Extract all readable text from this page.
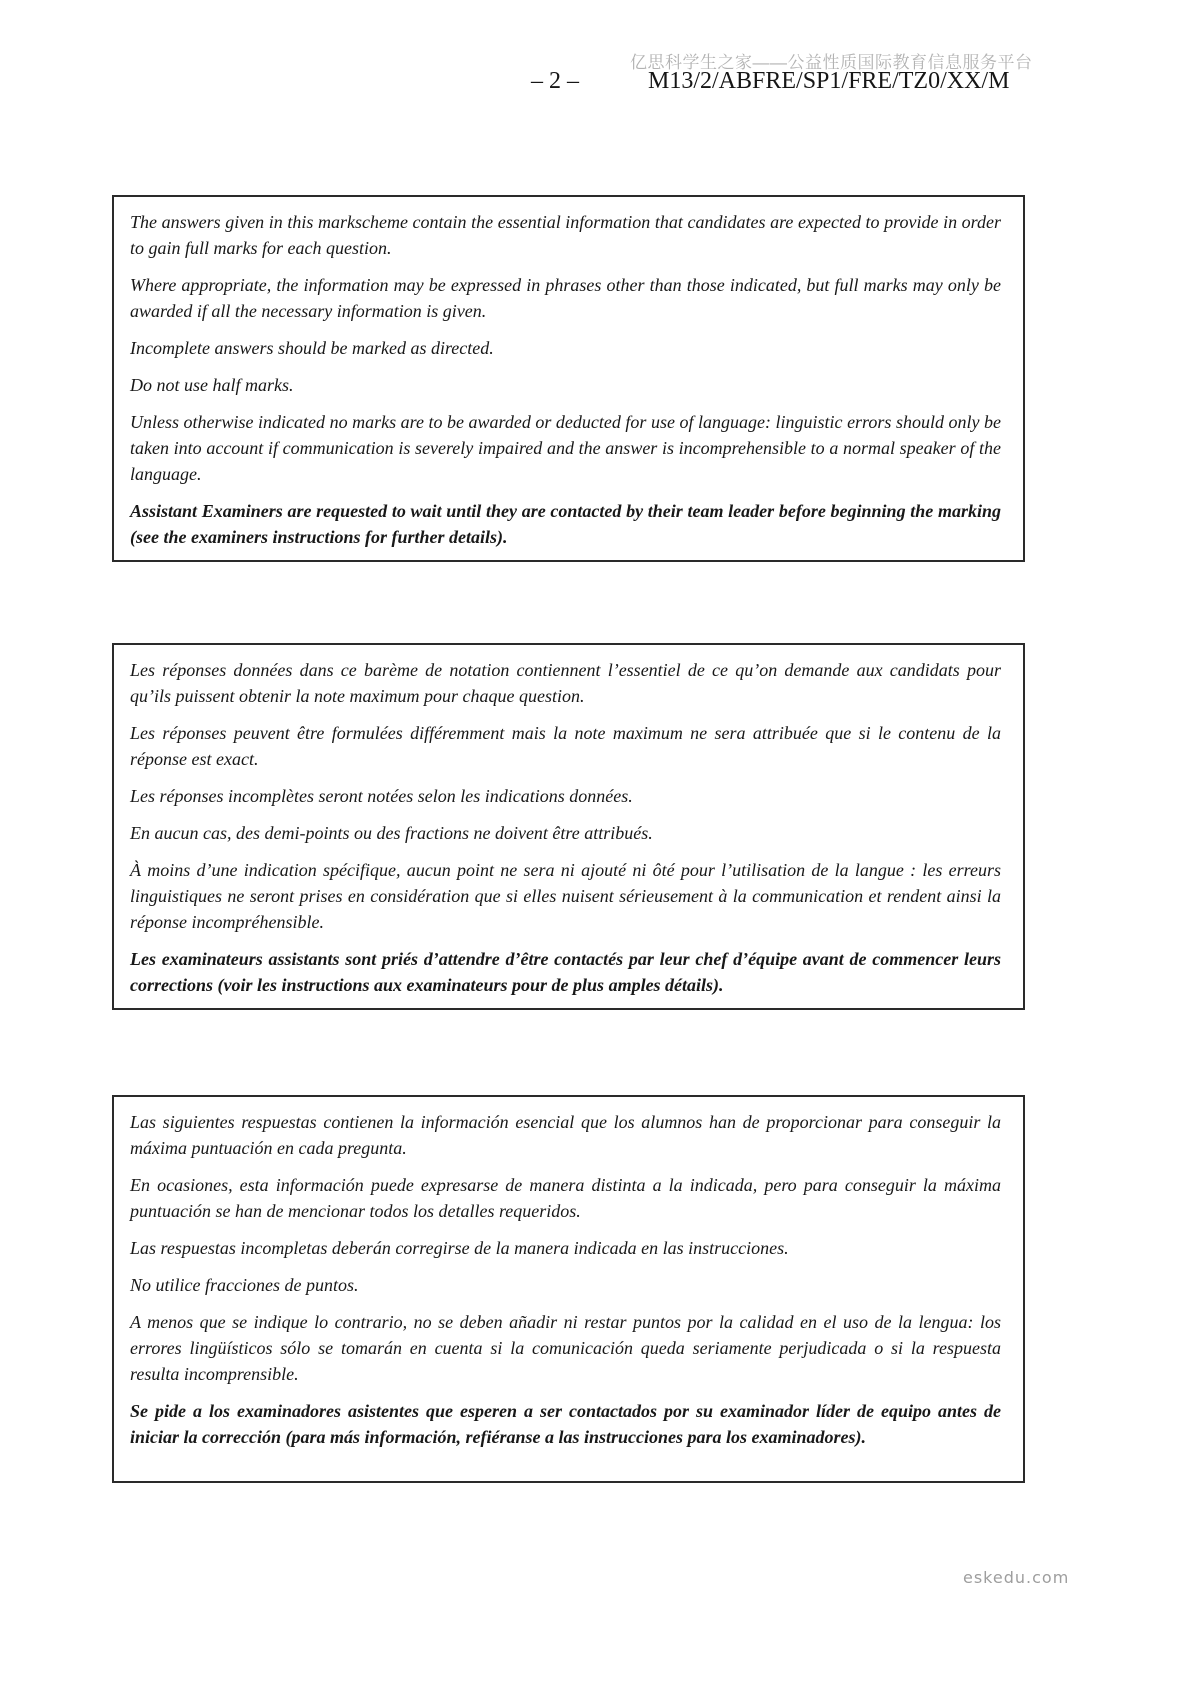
亿思科学生之家——公益性质国际教育信息服务平台
– 2 –	M13/2/ABFRE/SP1/FRE/TZ0/XX/M

The answers given in this markscheme contain the essential information that candidates are expected to provide in order to gain full marks for each question.

Where appropriate, the information may be expressed in phrases other than those indicated, but full marks may only be awarded if all the necessary information is given.

Incomplete answers should be marked as directed.

Do not use half marks.

Unless otherwise indicated no marks are to be awarded or deducted for use of language: linguistic errors should only be taken into account if communication is severely impaired and the answer is incomprehensible to a normal speaker of the language.

Assistant Examiners are requested to wait until they are contacted by their team leader before beginning the marking (see the examiners instructions for further details).

Les réponses données dans ce barème de notation contiennent l’essentiel de ce qu’on demande aux candidats pour qu’ils puissent obtenir la note maximum pour chaque question.

Les réponses peuvent être formulées différemment mais la note maximum ne sera attribuée que si le contenu de la réponse est exact.

Les réponses incomplètes seront notées selon les indications données.

En aucun cas, des demi-points ou des fractions ne doivent être attribués.

À moins d’une indication spécifique, aucun point ne sera ni ajouté ni ôté pour l’utilisation de la langue : les erreurs linguistiques ne seront prises en considération que si elles nuisent sérieusement à la communication et rendent ainsi la réponse incompréhensible.

Les examinateurs assistants sont priés d’attendre d’être contactés par leur chef d’équipe avant de commencer leurs corrections (voir les instructions aux examinateurs pour de plus amples détails).

Las siguientes respuestas contienen la información esencial que los alumnos han de proporcionar para conseguir la máxima puntuación en cada pregunta.

En ocasiones, esta información puede expresarse de manera distinta a la indicada, pero para conseguir la máxima puntuación se han de mencionar todos los detalles requeridos.

Las respuestas incompletas deberán corregirse de la manera indicada en las instrucciones.

No utilice fracciones de puntos.

A menos que se indique lo contrario, no se deben añadir ni restar puntos por la calidad en el uso de la lengua: los errores lingüísticos sólo se tomarán en cuenta si la comunicación queda seriamente perjudicada o si la respuesta resulta incomprensible.

Se pide a los examinadores asistentes que esperen a ser contactados por su examinador líder de equipo antes de iniciar la corrección (para más información, refiéranse a las instrucciones para los examinadores).

eskedu.com
